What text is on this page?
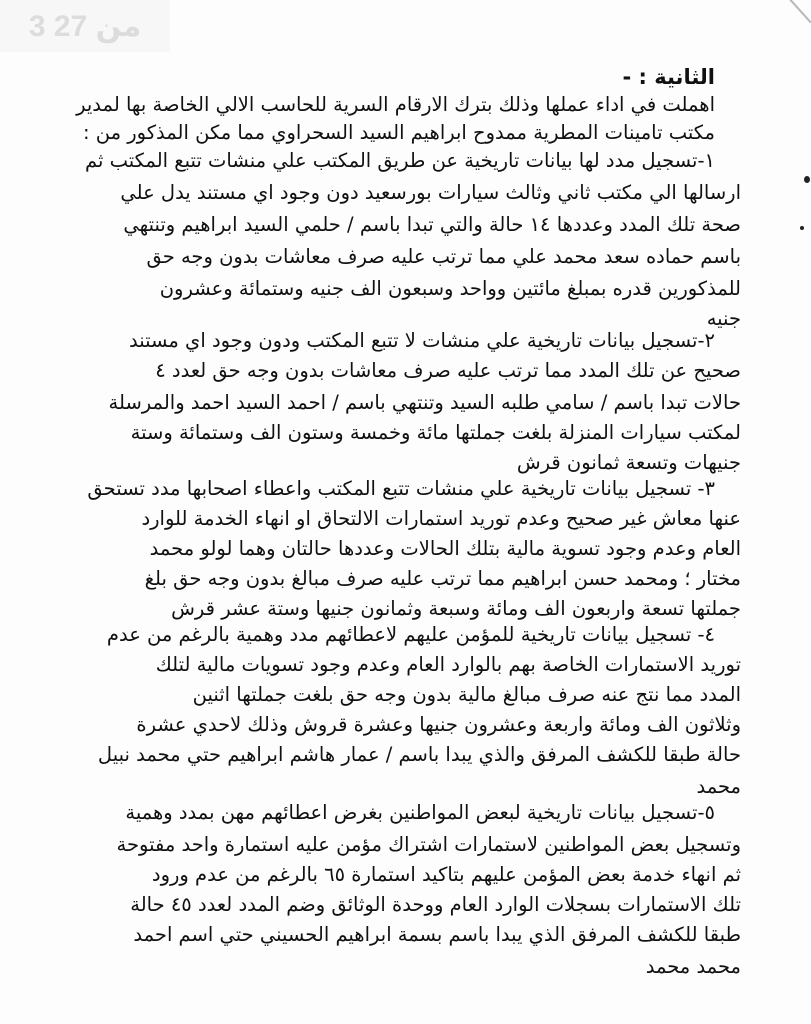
3 من 27
الثانية : -
اهملت في اداء عملها وذلك بترك الارقام السرية للحاسب الالي الخاصة بها لمدير
مكتب تامينات المطرية ممدوح ابراهيم السيد السحراوي مما مكن المذكور من :
١-تسجيل مدد لها بيانات تاريخية عن طريق المكتب علي منشات تتبع المكتب ثم
ارسالها الي مكتب ثاني وثالث سيارات بورسعيد دون وجود اي مستند يدل علي
صحة تلك المدد وعددها ١٤ حالة والتي تبدا باسم / حلمي السيد ابراهيم وتنتهي
باسم حماده سعد محمد علي مما ترتب عليه صرف معاشات بدون وجه حق
للمذكورين قدره بمبلغ مائتين وواحد وسبعون الف جنيه وستمائة وعشرون
جنيه
٢-تسجيل بيانات تاريخية علي منشات لا تتبع المكتب ودون وجود اي مستند
صحيح عن تلك المدد مما ترتب عليه صرف معاشات بدون وجه حق لعدد ٤
حالات تبدا باسم / سامي طلبه السيد وتنتهي باسم / احمد السيد احمد والمرسلة
لمكتب سيارات المنزلة بلغت جملتها مائة وخمسة وستون الف وستمائة وستة
جنيهات وتسعة ثمانون قرش
٣- تسجيل بيانات تاريخية علي منشات تتبع المكتب واعطاء اصحابها مدد تستحق
عنها معاش غير صحيح وعدم توريد استمارات الالتحاق او انهاء الخدمة للوارد
العام وعدم وجود تسوية مالية بتلك الحالات وعددها حالتان وهما لولو محمد
مختار ؛ ومحمد حسن ابراهيم مما ترتب عليه صرف مبالغ بدون وجه حق بلغ
جملتها تسعة واربعون الف ومائة وسبعة وثمانون جنيها وستة عشر قرش
٤- تسجيل بيانات تاريخية للمؤمن عليهم لاعطائهم مدد وهمية بالرغم من عدم
توريد الاستمارات الخاصة بهم بالوارد العام وعدم وجود تسويات مالية لتلك
المدد مما نتج عنه صرف مبالغ مالية بدون وجه حق بلغت جملتها اثنين
وثلاثون الف ومائة واربعة وعشرون جنيها وعشرة قروش وذلك لاحدي عشرة
حالة طبقا للكشف المرفق والذي يبدا باسم / عمار هاشم ابراهيم حتي محمد نبيل
محمد
٥-تسجيل بيانات تاريخية لبعض المواطنين بغرض اعطائهم مهن بمدد وهمية
وتسجيل بعض المواطنين لاستمارات اشتراك مؤمن عليه استمارة واحد مفتوحة
ثم انهاء خدمة بعض المؤمن عليهم بتاكيد استمارة ٦٥ بالرغم من عدم ورود
تلك الاستمارات بسجلات الوارد العام ووحدة الوثائق وضم المدد لعدد ٤٥ حالة
طبقا للكشف المرفق الذي يبدا باسم بسمة ابراهيم الحسيني حتي اسم احمد
محمد محمد
